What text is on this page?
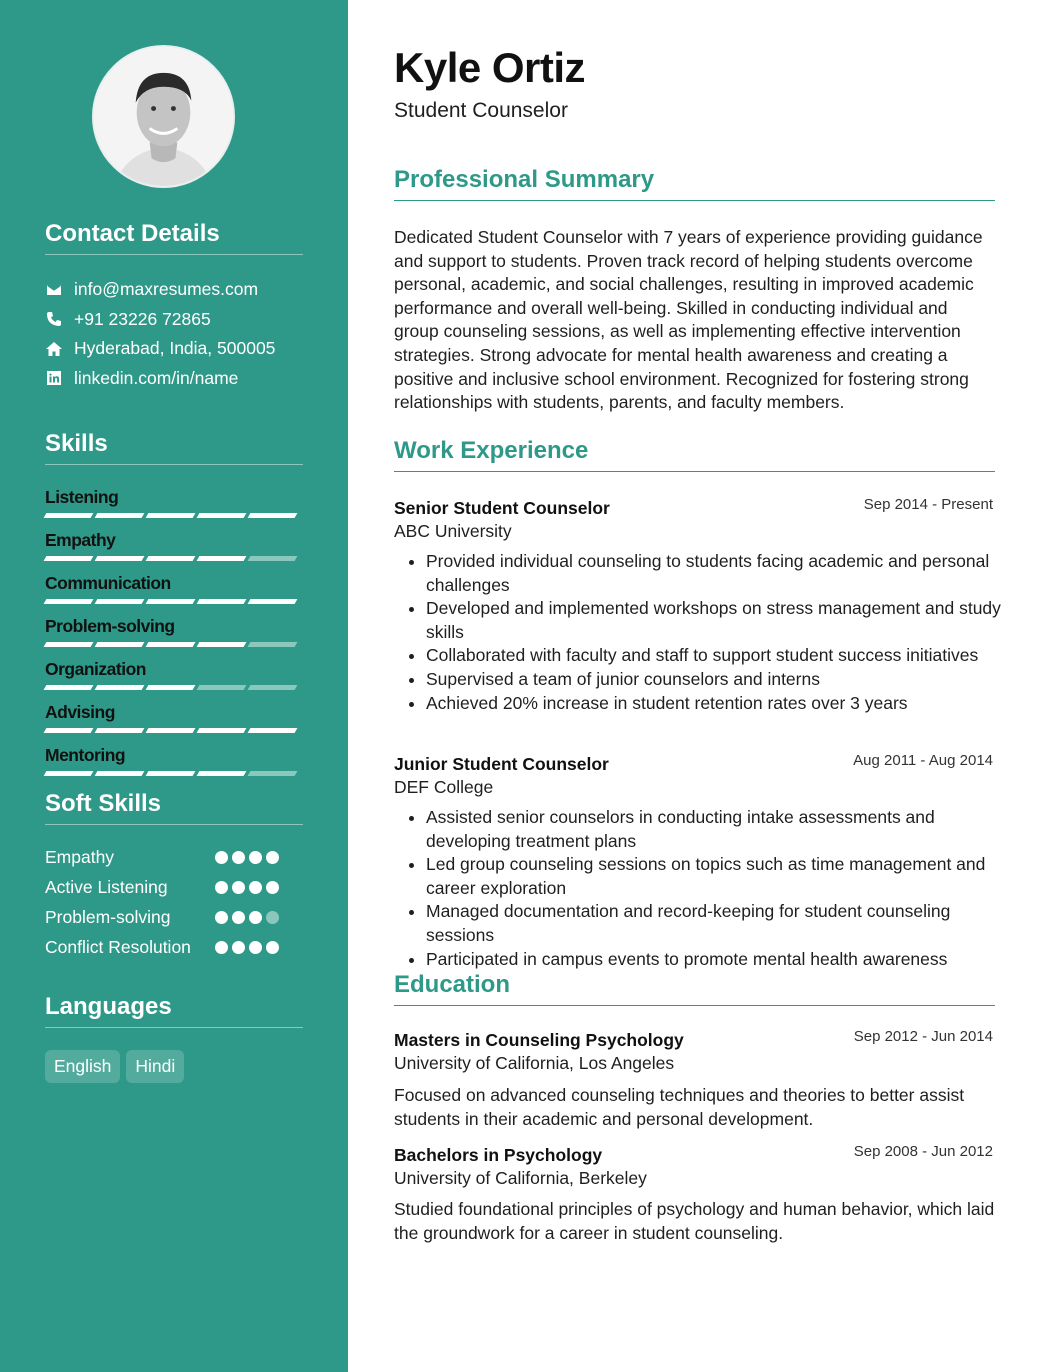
Contact Details
info@maxresumes.com
+91 23226 72865
Hyderabad, India, 500005
linkedin.com/in/name
Skills
Listening
Empathy
Communication
Problem-solving
Organization
Advising
Mentoring
Soft Skills
Empathy
Active Listening
Problem-solving
Conflict Resolution
Languages
English	Hindi
Kyle Ortiz
Student Counselor
Professional Summary
Dedicated Student Counselor with 7 years of experience providing guidance and support to students. Proven track record of helping students overcome personal, academic, and social challenges, resulting in improved academic performance and overall well-being. Skilled in conducting individual and group counseling sessions, as well as implementing effective intervention strategies. Strong advocate for mental health awareness and creating a positive and inclusive school environment. Recognized for fostering strong relationships with students, parents, and faculty members.
Work Experience
Senior Student Counselor	Sep 2014 - Present
ABC University
• Provided individual counseling to students facing academic and personal challenges
• Developed and implemented workshops on stress management and study skills
• Collaborated with faculty and staff to support student success initiatives
• Supervised a team of junior counselors and interns
• Achieved 20% increase in student retention rates over 3 years
Junior Student Counselor	Aug 2011 - Aug 2014
DEF College
• Assisted senior counselors in conducting intake assessments and developing treatment plans
• Led group counseling sessions on topics such as time management and career exploration
• Managed documentation and record-keeping for student counseling sessions
• Participated in campus events to promote mental health awareness
Education
Masters in Counseling Psychology	Sep 2012 - Jun 2014
University of California, Los Angeles
Focused on advanced counseling techniques and theories to better assist students in their academic and personal development.
Bachelors in Psychology	Sep 2008 - Jun 2012
University of California, Berkeley
Studied foundational principles of psychology and human behavior, which laid the groundwork for a career in student counseling.
